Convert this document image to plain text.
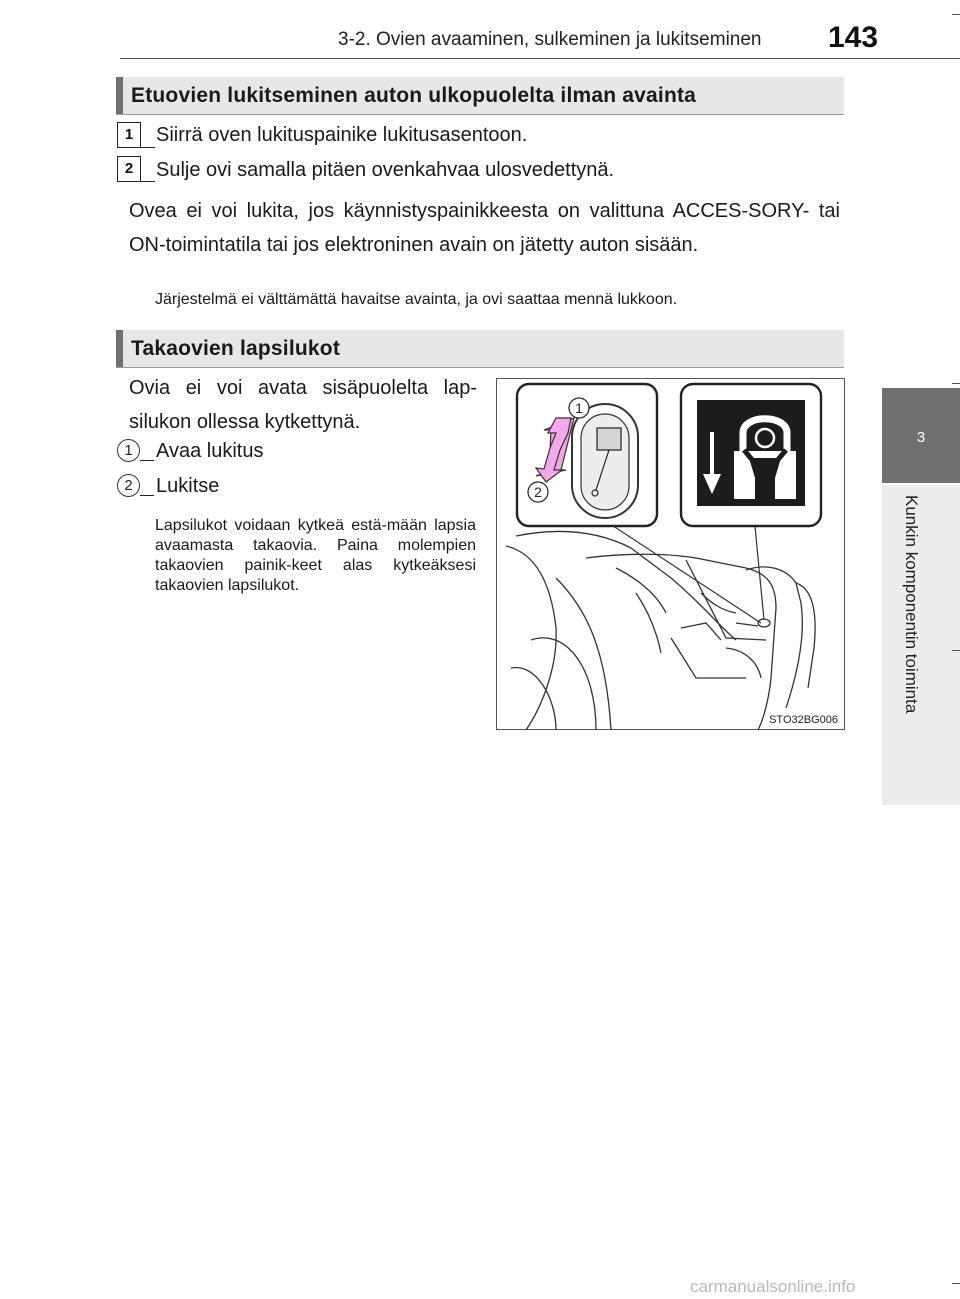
3-2. Ovien avaaminen, sulkeminen ja lukitseminen 143
3
Kunkin komponentin toiminta
Etuovien lukitseminen auton ulkopuolelta ilman avainta
1	Siirrä oven lukituspainike lukitusasentoon.
2	Sulje ovi samalla pitäen ovenkahvaa ulosvedettynä.
Ovea ei voi lukita, jos käynnistyspainikkeesta on valittuna ACCES-SORY- tai ON-toimintatila tai jos elektroninen avain on jätetty auton sisään.
Järjestelmä ei välttämättä havaitse avainta, ja ovi saattaa mennä lukkoon.
Takaovien lapsilukot
Ovia ei voi avata sisäpuolelta lap-silukon ollessa kytkettynä.
1	Avaa lukitus
2	Lukitse
Lapsilukot voidaan kytkeä estä-mään lapsia avaamasta takaovia. Paina molempien takaovien painik-keet alas kytkeäksesi takaovien lapsilukot.
1
2
STO32BG006
carmanualsonline.info
